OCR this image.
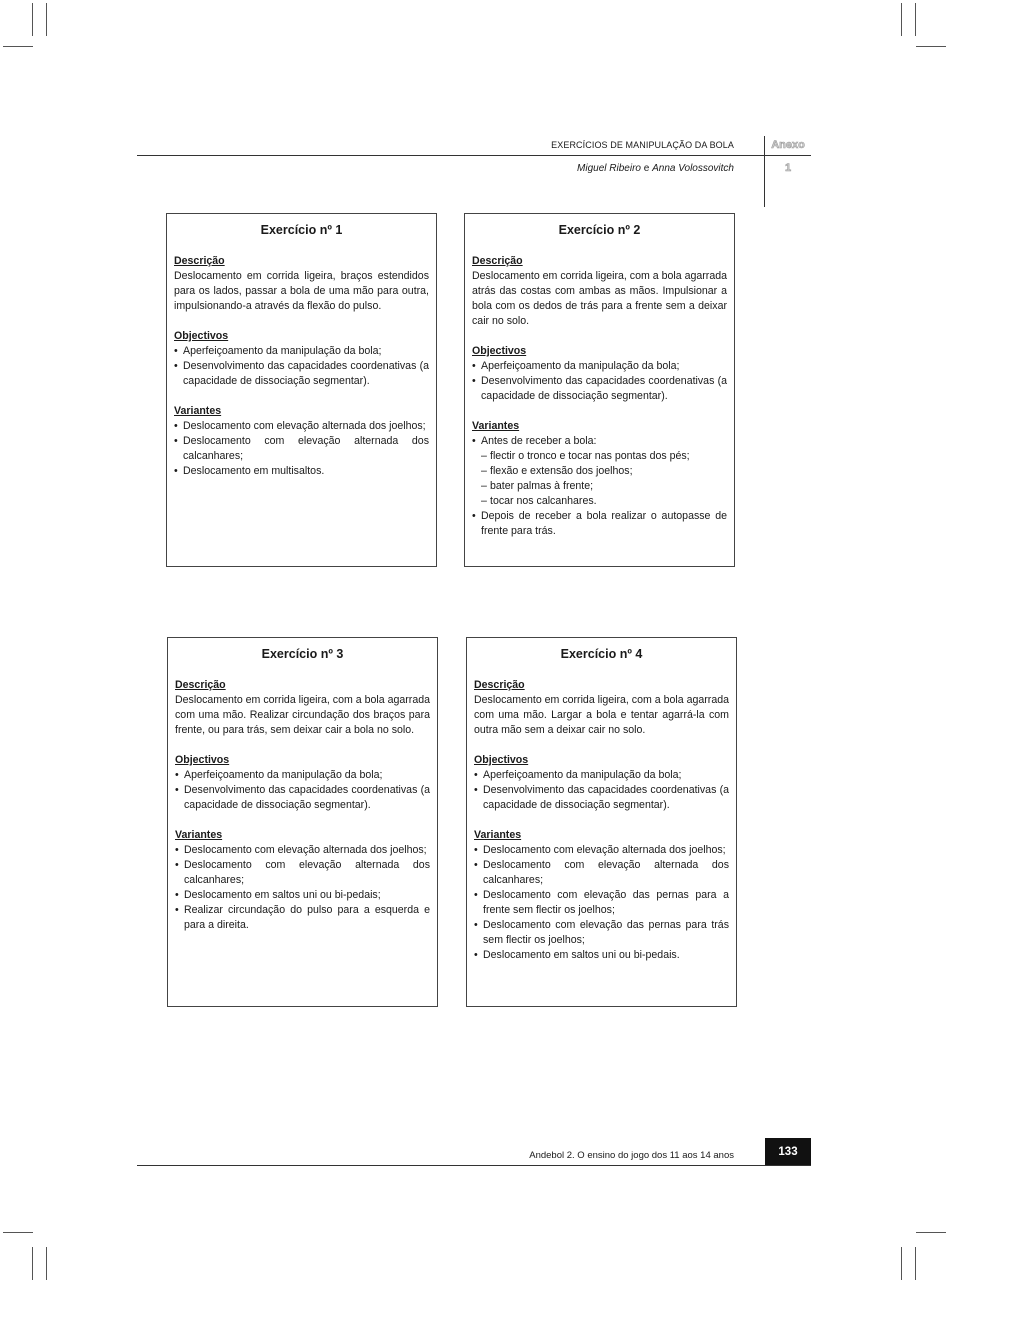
EXERCÍCIOS DE MANIPULAÇÃO DA BOLA
Miguel Ribeiro e Anna Volossovitch
Anexo
1
Exercício nº 1
Descrição
Deslocamento em corrida ligeira, braços estendidos para os lados, passar a bola de uma mão para outra, impulsionando-a através da flexão do pulso.
Objectivos
• Aperfeiçoamento da manipulação da bola;
• Desenvolvimento das capacidades coordenativas (a capacidade de dissociação segmentar).
Variantes
• Deslocamento com elevação alternada dos joelhos;
• Deslocamento com elevação alternada dos calcanhares;
• Deslocamento em multisaltos.
Exercício nº 2
Descrição
Deslocamento em corrida ligeira, com a bola agarrada atrás das costas com ambas as mãos. Impulsionar a bola com os dedos de trás para a frente sem a deixar cair no solo.
Objectivos
• Aperfeiçoamento da manipulação da bola;
• Desenvolvimento das capacidades coordenativas (a capacidade de dissociação segmentar).
Variantes
• Antes de receber a bola:
– flectir o tronco e tocar nas pontas dos pés;
– flexão e extensão dos joelhos;
– bater palmas à frente;
– tocar nos calcanhares.
• Depois de receber a bola realizar o autopasse de frente para trás.
Exercício nº 3
Descrição
Deslocamento em corrida ligeira, com a bola agarrada com uma mão. Realizar circundação dos braços para frente, ou para trás, sem deixar cair a bola no solo.
Objectivos
• Aperfeiçoamento da manipulação da bola;
• Desenvolvimento das capacidades coordenativas (a capacidade de dissociação segmentar).
Variantes
• Deslocamento com elevação alternada dos joelhos;
• Deslocamento com elevação alternada dos calcanhares;
• Deslocamento em saltos uni ou bi-pedais;
• Realizar circundação do pulso para a esquerda e para a direita.
Exercício nº 4
Descrição
Deslocamento em corrida ligeira, com a bola agarrada com uma mão. Largar a bola e tentar agarrá-la com outra mão sem a deixar cair no solo.
Objectivos
• Aperfeiçoamento da manipulação da bola;
• Desenvolvimento das capacidades coordenativas (a capacidade de dissociação segmentar).
Variantes
• Deslocamento com elevação alternada dos joelhos;
• Deslocamento com elevação alternada dos calcanhares;
• Deslocamento com elevação das pernas para a frente sem flectir os joelhos;
• Deslocamento com elevação das pernas para trás sem flectir os joelhos;
• Deslocamento em saltos uni ou bi-pedais.
Andebol 2. O ensino do jogo dos 11 aos 14 anos	133
